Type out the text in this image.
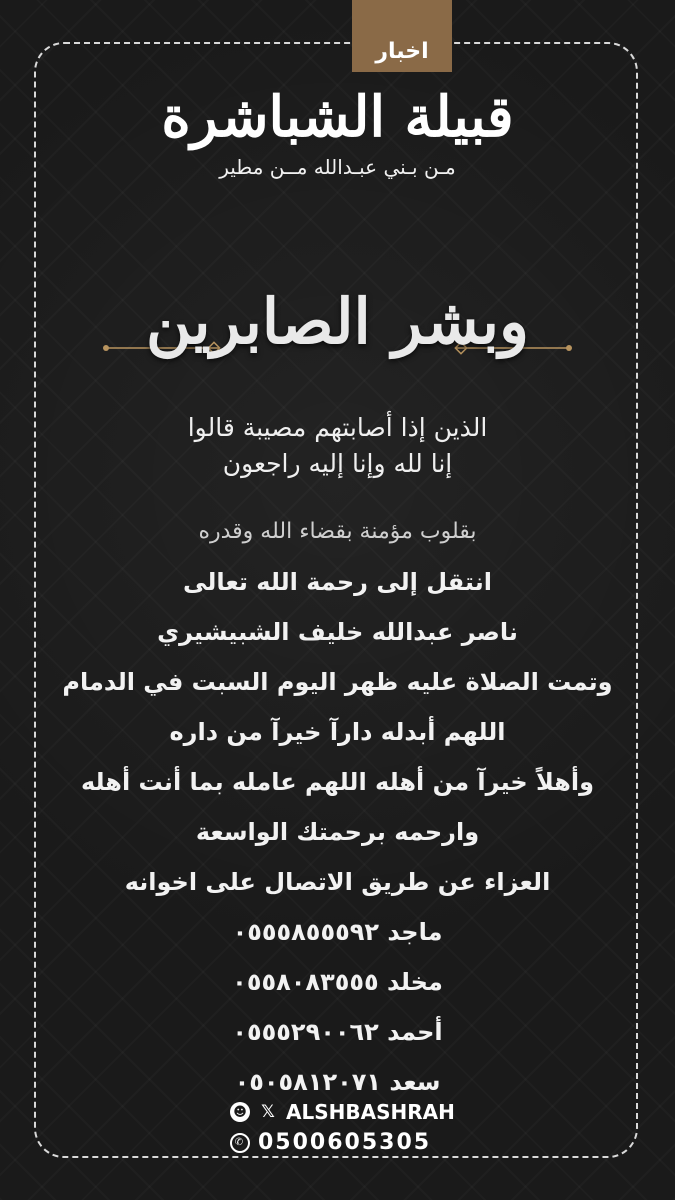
اخبار
قبيلة الشباشرة
مـن بـني عبـدالله مــن مطير
وبشر الصابرين
الذين إذا أصابتهم مصيبة قالوا
إنا لله وإنا إليه راجعون
بقلوب مؤمنة بقضاء الله وقدره
انتقل إلى رحمة الله تعالى
ناصر عبدالله خليف الشبيشيري
وتمت الصلاة عليه ظهر اليوم السبت في الدمام
اللهم أبدله دارآ خيرآ من داره
وأهلاً خيرآ من أهله اللهم عامله بما أنت أهله
وارحمه برحمتك الواسعة
العزاء عن طريق الاتصال على اخوانه
ماجد ٠٥٥٥٨٥٥٥٩٢
مخلد ٠٥٥٨٠٨٣٥٥٥
أحمد ٠٥٥٥٢٩٠٠٦٢
سعد ٠٥٠٥٨١٢٠٧١
☻ 𝕏 ALSHBASHRAH
✆ 0500605305
